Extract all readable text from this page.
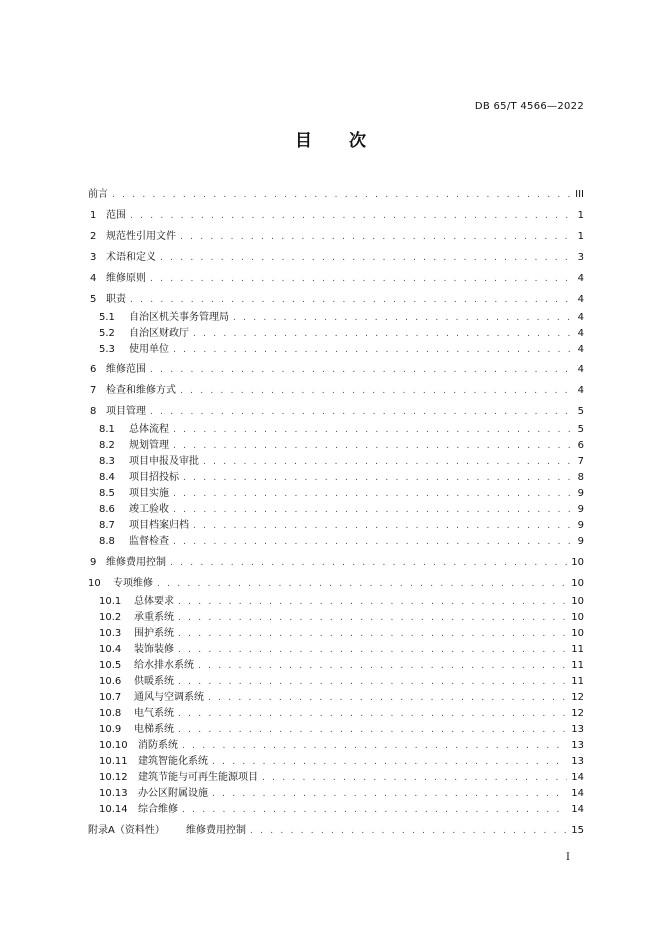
DB 65/T 4566—2022
目 次
前言 . . .	III
1 范围 . . .	1
2 规范性引用文件 . . .	1
3 术语和定义 . . .	3
4 维修原则 . . .	4
5 职责 . . .	4
5.1	自治区机关事务管理局 . . .	4
5.2	自治区财政厅 . . .	4
5.3	使用单位 . . .	4
6 维修范围 . . .	4
7 检查和维修方式 . . .	4
8 项目管理 . . .	5
8.1	总体流程 . . .	5
8.2	规划管理 . . .	6
8.3	项目申报及审批 . . .	7
8.4	项目招投标 . . .	8
8.5	项目实施 . . .	9
8.6	竣工验收 . . .	9
8.7	项目档案归档 . . .	9
8.8	监督检查 . . .	9
9 维修费用控制 . . .	10
10	专项维修 . . .	10
10.1	总体要求 . . .	10
10.2	承重系统 . . .	10
10.3	围护系统 . . .	10
10.4	装饰装修 . . .	11
10.5	给水排水系统 . . .	11
10.6	供暖系统 . . .	11
10.7	通风与空调系统 . . .	12
10.8	电气系统 . . .	12
10.9	电梯系统 . . .	13
10.10	消防系统 . . .	13
10.11	建筑智能化系统 . . .	13
10.12	建筑节能与可再生能源项目 . . .	14
10.13	办公区附属设施 . . .	14
10.14	综合维修 . . .	14
附录A（资料性）	维修费用控制 . . .	15
I
